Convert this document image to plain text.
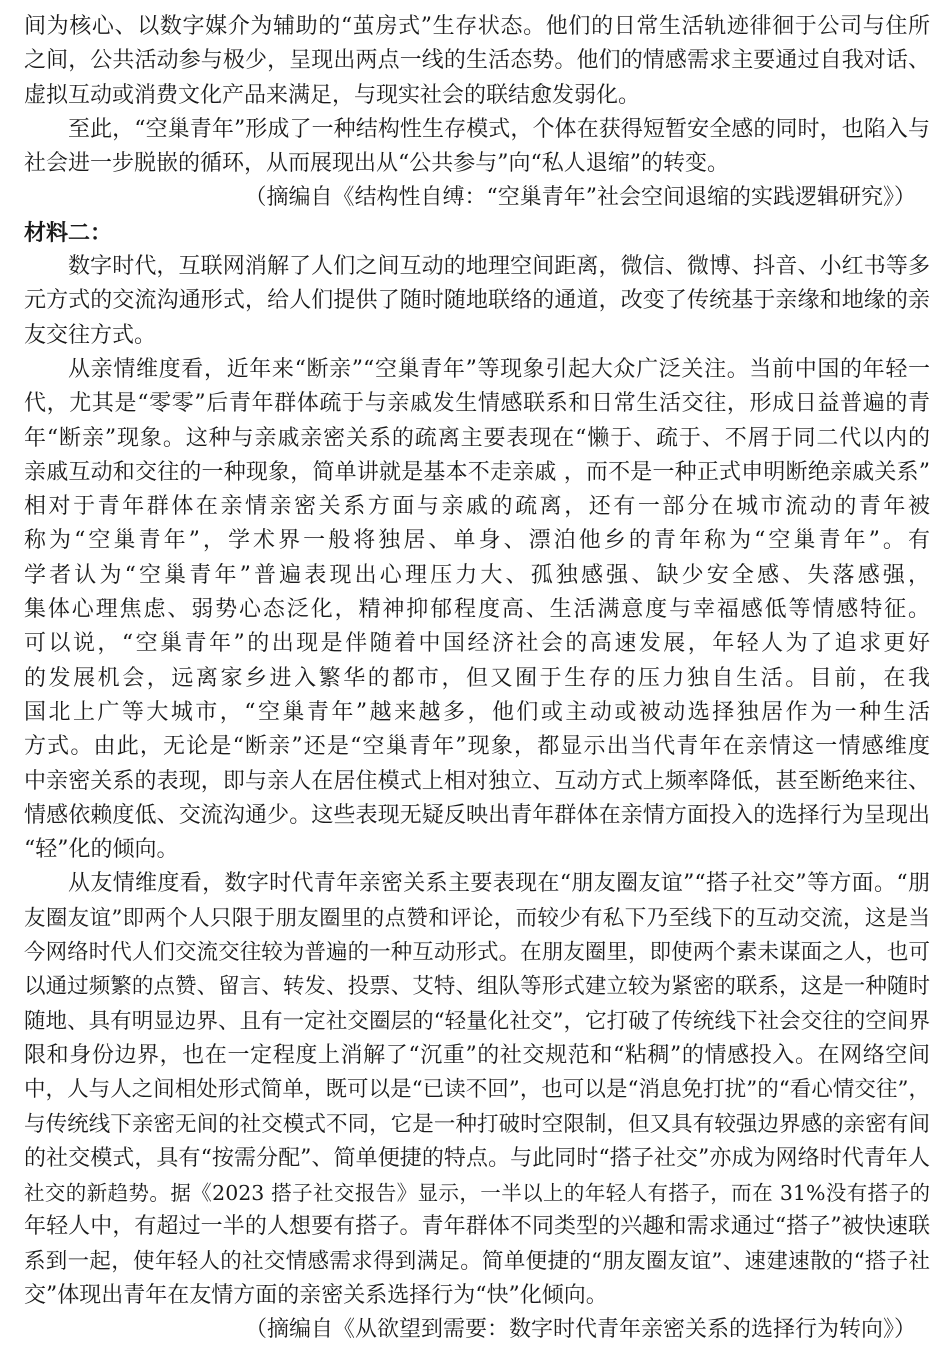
间为核心、以数字媒介为辅助的“茧房式”生存状态。他们的日常生活轨迹徘徊于公司与住所
之间，公共活动参与极少，呈现出两点一线的生活态势。他们的情感需求主要通过自我对话、
虚拟互动或消费文化产品来满足，与现实社会的联结愈发弱化。
至此，“空巢青年”形成了一种结构性生存模式，个体在获得短暂安全感的同时，也陷入与
社会进一步脱嵌的循环，从而展现出从“公共参与”向“私人退缩”的转变。
（摘编自《结构性自缚：“空巢青年”社会空间退缩的实践逻辑研究》）
材料二：
数字时代，互联网消解了人们之间互动的地理空间距离，微信、微博、抖音、小红书等多
元方式的交流沟通形式，给人们提供了随时随地联络的通道，改变了传统基于亲缘和地缘的亲
友交往方式。
从亲情维度看，近年来“断亲”“空巢青年”等现象引起大众广泛关注。当前中国的年轻一
代，尤其是“零零”后青年群体疏于与亲戚发生情感联系和日常生活交往，形成日益普遍的青
年“断亲”现象。这种与亲戚亲密关系的疏离主要表现在“懒于、疏于、不屑于同二代以内的
亲戚互动和交往的一种现象，简单讲就是基本不走亲戚 ，而不是一种正式申明断绝亲戚关系”
相对于青年群体在亲情亲密关系方面与亲戚的疏离，还有一部分在城市流动的青年被
称为“空巢青年”，学术界一般将独居、单身、漂泊他乡的青年称为“空巢青年”。有
学者认为“空巢青年”普遍表现出心理压力大、孤独感强、缺少安全感、失落感强，
集体心理焦虑、弱势心态泛化，精神抑郁程度高、生活满意度与幸福感低等情感特征。
可以说，“空巢青年”的出现是伴随着中国经济社会的高速发展，年轻人为了追求更好
的发展机会，远离家乡进入繁华的都市，但又囿于生存的压力独自生活。目前，在我
国北上广等大城市，“空巢青年”越来越多，他们或主动或被动选择独居作为一种生活
方式。由此，无论是“断亲”还是“空巢青年”现象，都显示出当代青年在亲情这一情感维度
中亲密关系的表现，即与亲人在居住模式上相对独立、互动方式上频率降低，甚至断绝来往、
情感依赖度低、交流沟通少。这些表现无疑反映出青年群体在亲情方面投入的选择行为呈现出
“轻”化的倾向。
从友情维度看，数字时代青年亲密关系主要表现在“朋友圈友谊”“搭子社交”等方面。“朋
友圈友谊”即两个人只限于朋友圈里的点赞和评论，而较少有私下乃至线下的互动交流，这是当
今网络时代人们交流交往较为普遍的一种互动形式。在朋友圈里，即使两个素未谋面之人，也可
以通过频繁的点赞、留言、转发、投票、艾特、组队等形式建立较为紧密的联系，这是一种随时
随地、具有明显边界、且有一定社交圈层的“轻量化社交”，它打破了传统线下社会交往的空间界
限和身份边界，也在一定程度上消解了“沉重”的社交规范和“粘稠”的情感投入。在网络空间
中，人与人之间相处形式简单，既可以是“已读不回”，也可以是“消息免打扰”的“看心情交往”，
与传统线下亲密无间的社交模式不同，它是一种打破时空限制，但又具有较强边界感的亲密有间
的社交模式，具有“按需分配”、简单便捷的特点。与此同时“搭子社交”亦成为网络时代青年人
社交的新趋势。据《2023 搭子社交报告》显示，一半以上的年轻人有搭子，而在 31%没有搭子的
年轻人中，有超过一半的人想要有搭子。青年群体不同类型的兴趣和需求通过“搭子”被快速联
系到一起，使年轻人的社交情感需求得到满足。简单便捷的“朋友圈友谊”、速建速散的“搭子社
交”体现出青年在友情方面的亲密关系选择行为“快”化倾向。
（摘编自《从欲望到需要：数字时代青年亲密关系的选择行为转向》）
